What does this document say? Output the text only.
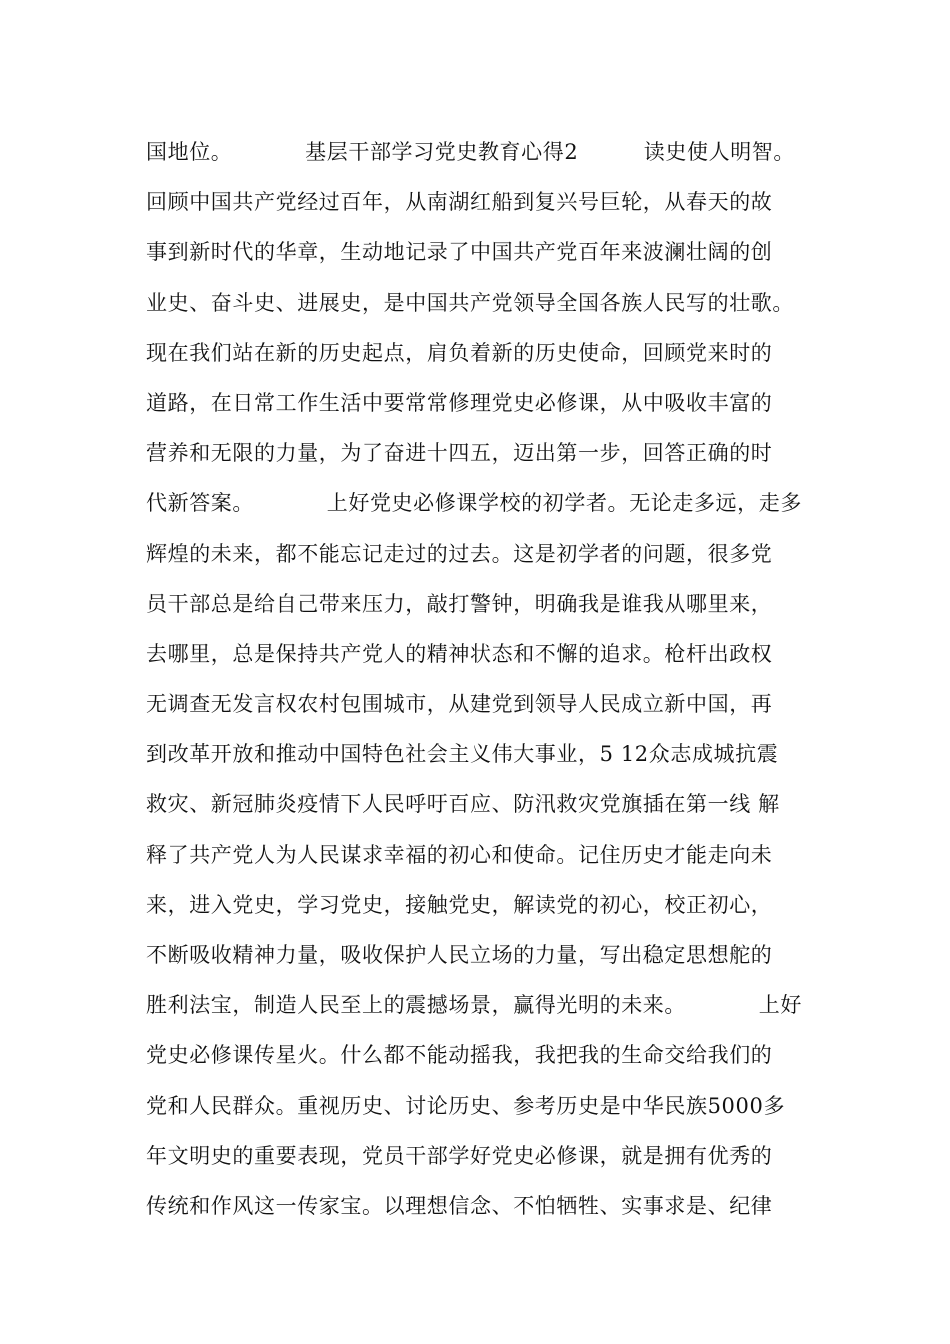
国地位。          基层干部学习党史教育心得2         读史使人明智。
回顾中国共产党经过百年，从南湖红船到复兴号巨轮，从春天的故
事到新时代的华章，生动地记录了中国共产党百年来波澜壮阔的创
业史、奋斗史、进展史，是中国共产党领导全国各族人民写的壮歌。
现在我们站在新的历史起点，肩负着新的历史使命，回顾党来时的
道路，在日常工作生活中要常常修理党史必修课，从中吸收丰富的
营养和无限的力量，为了奋进十四五，迈出第一步，回答正确的时
代新答案。          上好党史必修课学校的初学者。无论走多远，走多
辉煌的未来，都不能忘记走过的过去。这是初学者的问题，很多党
员干部总是给自己带来压力，敲打警钟，明确我是谁我从哪里来，
去哪里，总是保持共产党人的精神状态和不懈的追求。枪杆出政权
无调查无发言权农村包围城市，从建党到领导人民成立新中国，再
到改革开放和推动中国特色社会主义伟大事业，5 12众志成城抗震
救灾、新冠肺炎疫情下人民呼吁百应、防汛救灾党旗插在第一线 解
释了共产党人为人民谋求幸福的初心和使命。记住历史才能走向未
来，进入党史，学习党史，接触党史，解读党的初心，校正初心，
不断吸收精神力量，吸收保护人民立场的力量，写出稳定思想舵的
胜利法宝，制造人民至上的震撼场景，赢得光明的未来。          上好
党史必修课传星火。什么都不能动摇我，我把我的生命交给我们的
党和人民群众。重视历史、讨论历史、参考历史是中华民族5000多
年文明史的重要表现，党员干部学好党史必修课，就是拥有优秀的
传统和作风这一传家宝。以理想信念、不怕牺牲、实事求是、纪律
